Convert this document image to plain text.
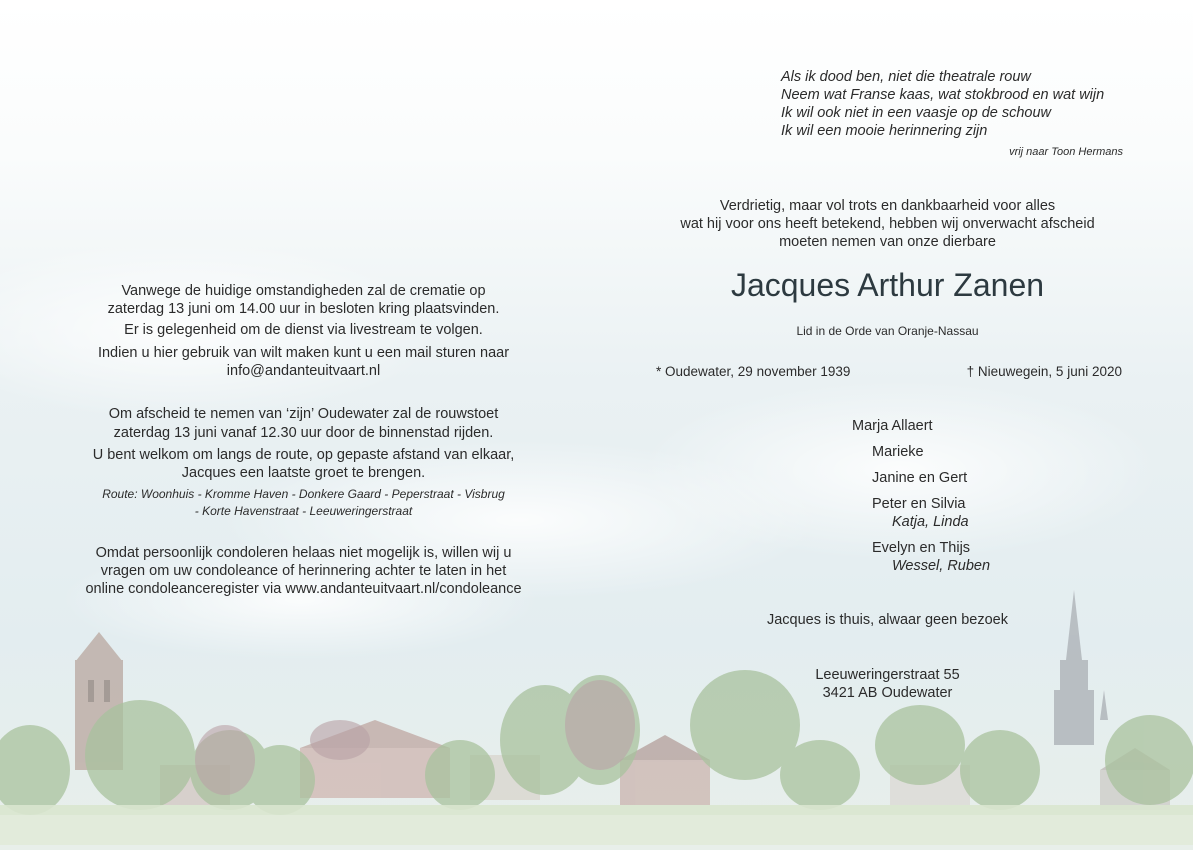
Als ik dood ben, niet die theatrale rouw
Neem wat Franse kaas, wat stokbrood en wat wijn
Ik wil ook niet in een vaasje op de schouw
Ik wil een mooie herinnering zijn
vrij naar Toon Hermans
Verdrietig, maar vol trots en dankbaarheid voor alles
wat hij voor ons heeft betekend, hebben wij onverwacht afscheid
moeten nemen van onze dierbare
Jacques Arthur Zanen
Lid in de Orde van Oranje-Nassau
* Oudewater, 29 november 1939	† Nieuwegein, 5 juni 2020
Marja Allaert
Marieke
Janine en Gert
Peter en Silvia
Katja, Linda
Evelyn en Thijs
Wessel, Ruben
Jacques is thuis, alwaar geen bezoek
Leeuweringerstraat 55
3421 AB Oudewater
Vanwege de huidige omstandigheden zal de crematie op
zaterdag 13 juni om 14.00 uur in besloten kring plaatsvinden.
Er is gelegenheid om de dienst via livestream te volgen.
Indien u hier gebruik van wilt maken kunt u een mail sturen naar
info@andanteuitvaart.nl
Om afscheid te nemen van ‘zijn’ Oudewater zal de rouwstoet
zaterdag 13 juni vanaf 12.30 uur door de binnenstad rijden.
U bent welkom om langs de route, op gepaste afstand van elkaar,
Jacques een laatste groet te brengen.
Route: Woonhuis - Kromme Haven - Donkere Gaard - Peperstraat - Visbrug
- Korte Havenstraat - Leeuweringerstraat
Omdat persoonlijk condoleren helaas niet mogelijk is, willen wij u
vragen om uw condoleance of herinnering achter te laten in het
online condoleanceregister via www.andanteuitvaart.nl/condoleance
